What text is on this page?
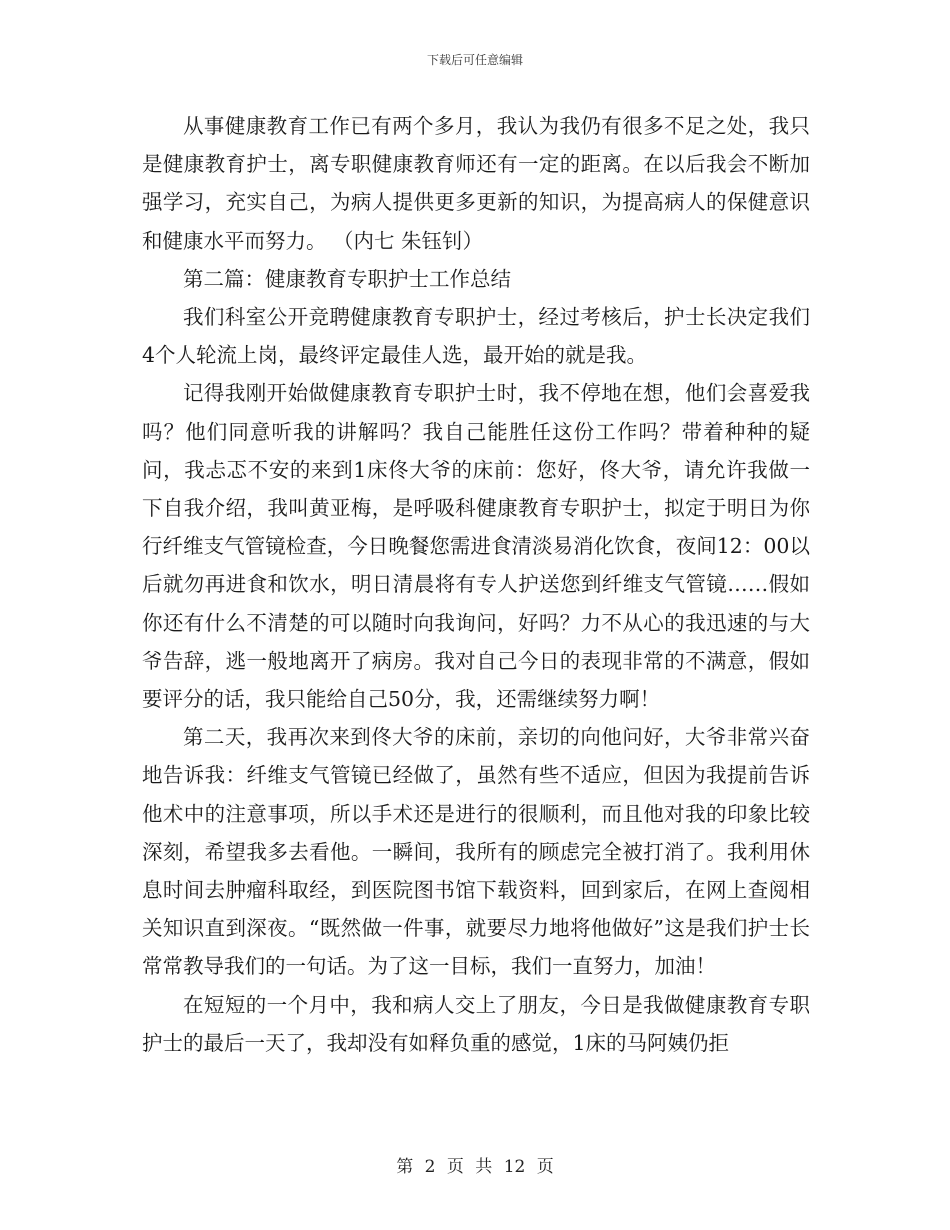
下载后可任意编辑

从事健康教育工作已有两个多月，我认为我仍有很多不足之处，我只是健康教育护士，离专职健康教育师还有一定的距离。在以后我会不断加强学习，充实自己，为病人提供更多更新的知识，为提高病人的保健意识和健康水平而努力。 （内七 朱钰钊）

第二篇：健康教育专职护士工作总结

我们科室公开竞聘健康教育专职护士，经过考核后，护士长决定我们4个人轮流上岗，最终评定最佳人选，最开始的就是我。

记得我刚开始做健康教育专职护士时，我不停地在想，他们会喜爱我吗？他们同意听我的讲解吗？我自己能胜任这份工作吗？带着种种的疑问，我忐忑不安的来到1床佟大爷的床前：您好，佟大爷，请允许我做一下自我介绍，我叫黄亚梅，是呼吸科健康教育专职护士，拟定于明日为你行纤维支气管镜检查，今日晚餐您需进食清淡易消化饮食，夜间12：00以后就勿再进食和饮水，明日清晨将有专人护送您到纤维支气管镜……假如你还有什么不清楚的可以随时向我询问，好吗？力不从心的我迅速的与大爷告辞，逃一般地离开了病房。我对自己今日的表现非常的不满意，假如要评分的话，我只能给自己50分，我，还需继续努力啊！

第二天，我再次来到佟大爷的床前，亲切的向他问好，大爷非常兴奋地告诉我：纤维支气管镜已经做了，虽然有些不适应，但因为我提前告诉他术中的注意事项，所以手术还是进行的很顺利，而且他对我的印象比较深刻，希望我多去看他。一瞬间，我所有的顾虑完全被打消了。我利用休息时间去肿瘤科取经，到医院图书馆下载资料，回到家后，在网上查阅相关知识直到深夜。“既然做一件事，就要尽力地将他做好”这是我们护士长常常教导我们的一句话。为了这一目标，我们一直努力，加油！

在短短的一个月中，我和病人交上了朋友，今日是我做健康教育专职护士的最后一天了，我却没有如释负重的感觉，1床的马阿姨仍拒

第 2 页 共 12 页
